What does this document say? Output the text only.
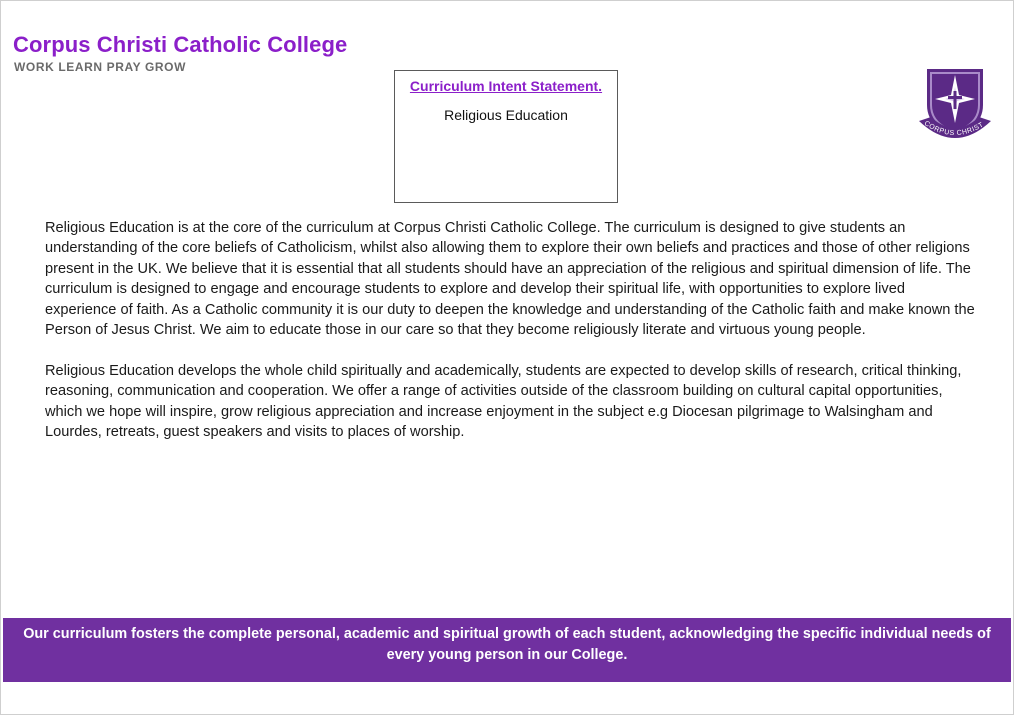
Corpus Christi Catholic College
WORK LEARN PRAY GROW
Curriculum Intent Statement.
Religious Education
CORPUS CHRIST

Religious Education is at the core of the curriculum at Corpus Christi Catholic College. The curriculum is designed to give students an understanding of the core beliefs of Catholicism, whilst also allowing them to explore their own beliefs and practices and those of other religions present in the UK. We believe that it is essential that all students should have an appreciation of the religious and spiritual dimension of life. The curriculum is designed to engage and encourage students to explore and develop their spiritual life, with opportunities to explore lived experience of faith. As a Catholic community it is our duty to deepen the knowledge and understanding of the Catholic faith and make known the Person of Jesus Christ. We aim to educate those in our care so that they become religiously literate and virtuous young people.

Religious Education develops the whole child spiritually and academically, students are expected to develop skills of research, critical thinking, reasoning, communication and cooperation. We offer a range of activities outside of the classroom building on cultural capital opportunities, which we hope will inspire, grow religious appreciation and increase enjoyment in the subject e.g Diocesan pilgrimage to Walsingham and Lourdes, retreats, guest speakers and visits to places of worship.

Our curriculum fosters the complete personal, academic and spiritual growth of each student, acknowledging the specific individual needs of every young person in our College.
